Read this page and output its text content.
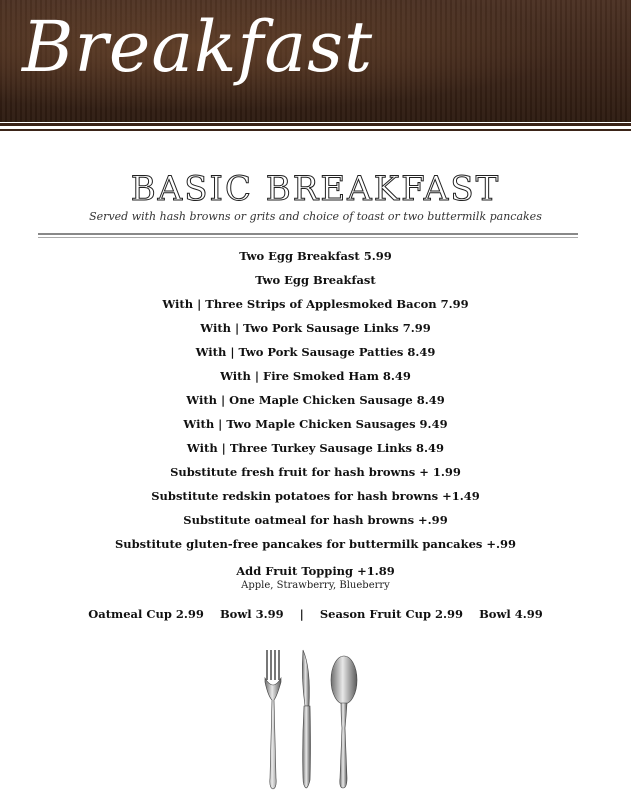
Breakfast
BASIC BREAKFAST
Served with hash browns or grits and choice of toast or two buttermilk pancakes
Two Egg Breakfast 5.99
Two Egg Breakfast
With | Three Strips of Applesmoked Bacon 7.99
With | Two Pork Sausage Links 7.99
With | Two Pork Sausage Patties 8.49
With | Fire Smoked Ham 8.49
With | One Maple Chicken Sausage 8.49
With | Two Maple Chicken Sausages 9.49
With | Three Turkey Sausage Links 8.49
Substitute fresh fruit for hash browns + 1.99
Substitute redskin potatoes for hash browns +1.49
Substitute oatmeal for hash browns +.99
Substitute gluten-free pancakes for buttermilk pancakes +.99
Add Fruit Topping +1.89
Apple, Strawberry, Blueberry
Oatmeal Cup 2.99 Bowl 3.99 | Season Fruit Cup 2.99 Bowl 4.99
